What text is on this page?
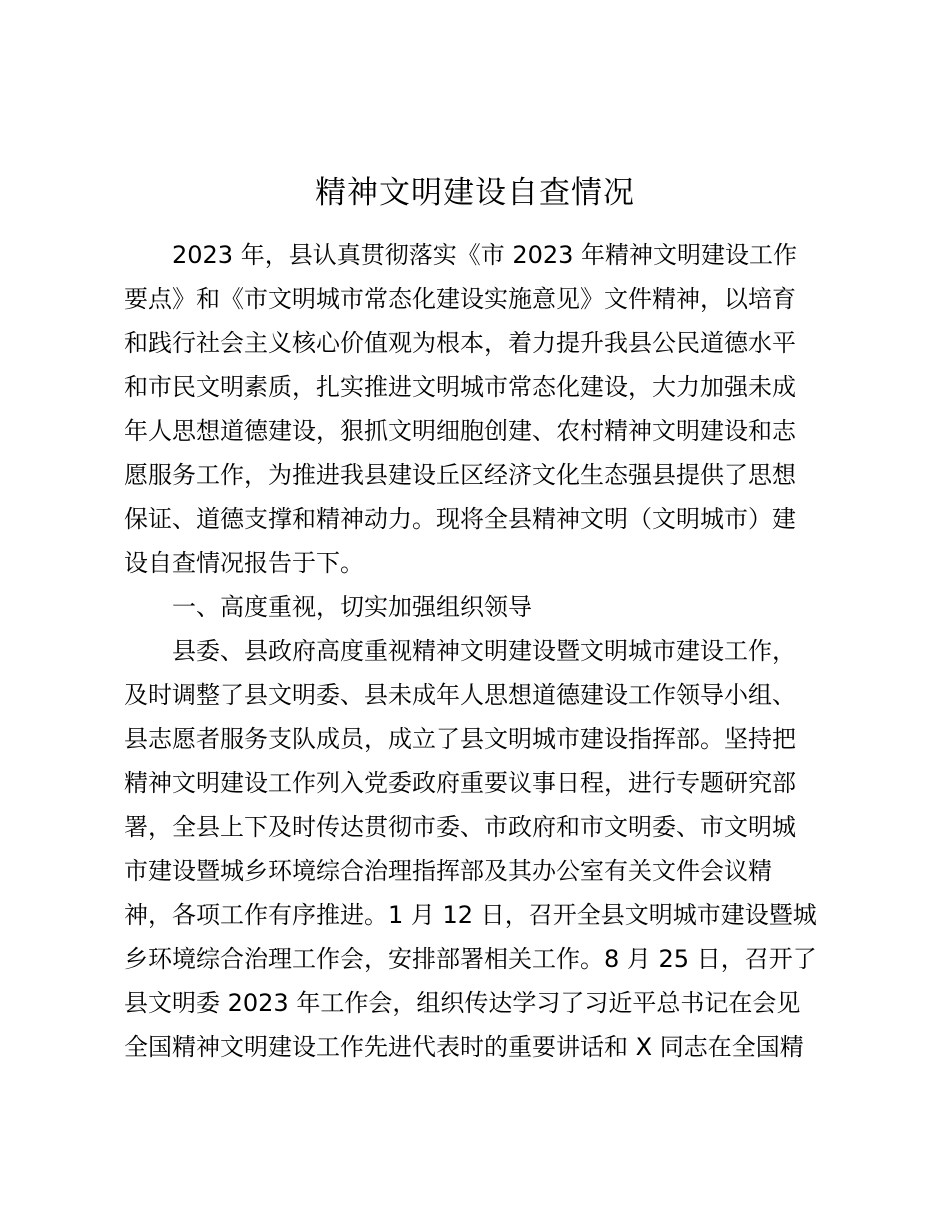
精神文明建设自查情况
　　2023 年，县认真贯彻落实《市 2023 年精神文明建设工作
要点》和《市文明城市常态化建设实施意见》文件精神，以培育
和践行社会主义核心价值观为根本，着力提升我县公民道德水平
和市民文明素质，扎实推进文明城市常态化建设，大力加强未成
年人思想道德建设，狠抓文明细胞创建、农村精神文明建设和志
愿服务工作，为推进我县建设丘区经济文化生态强县提供了思想
保证、道德支撑和精神动力。现将全县精神文明（文明城市）建
设自查情况报告于下。
　　一、高度重视，切实加强组织领导
　　县委、县政府高度重视精神文明建设暨文明城市建设工作，
及时调整了县文明委、县未成年人思想道德建设工作领导小组、
县志愿者服务支队成员，成立了县文明城市建设指挥部。坚持把
精神文明建设工作列入党委政府重要议事日程，进行专题研究部
署，全县上下及时传达贯彻市委、市政府和市文明委、市文明城
市建设暨城乡环境综合治理指挥部及其办公室有关文件会议精
神，各项工作有序推进。1 月 12 日，召开全县文明城市建设暨城
乡环境综合治理工作会，安排部署相关工作。8 月 25 日，召开了
县文明委 2023 年工作会，组织传达学习了习近平总书记在会见
全国精神文明建设工作先进代表时的重要讲话和 X 同志在全国精
